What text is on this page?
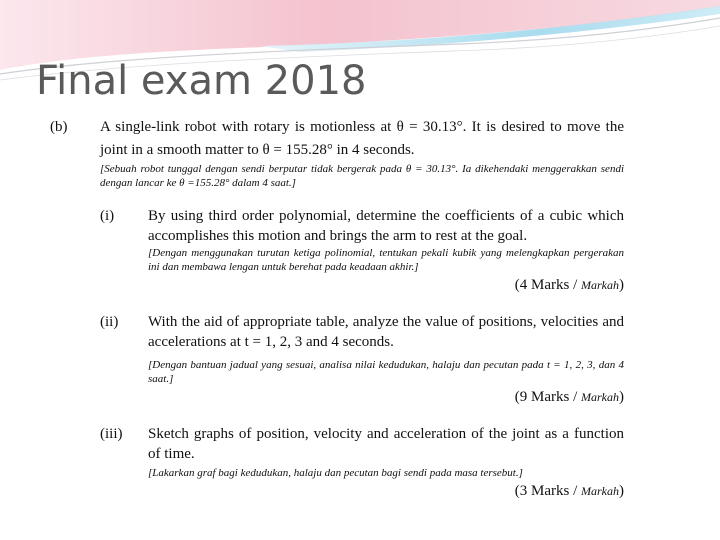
Final exam 2018
(b)	A single-link robot with rotary is motionless at θ = 30.13°. It is desired to move the joint in a smooth matter to θ = 155.28° in 4 seconds.
[Sebuah robot tunggal dengan sendi berputar tidak bergerak pada θ = 30.13°. Ia dikehendaki menggerakkan sendi dengan lancar ke θ =155.28° dalam 4 saat.]
(i)	By using third order polynomial, determine the coefficients of a cubic which accomplishes this motion and brings the arm to rest at the goal.
[Dengan menggunakan turutan ketiga polinomial, tentukan pekali kubik yang melengkapkan pergerakan ini dan membawa lengan untuk berehat pada keadaan akhir.]
(4 Marks / Markah)
(ii)	With the aid of appropriate table, analyze the value of positions, velocities and accelerations at t = 1, 2, 3 and 4 seconds.
[Dengan bantuan jadual yang sesuai, analisa nilai kedudukan, halaju dan pecutan pada t = 1, 2, 3, dan 4 saat.]
(9 Marks / Markah)
(iii)	Sketch graphs of position, velocity and acceleration of the joint as a function of time.
[Lakarkan graf bagi kedudukan, halaju dan pecutan bagi sendi pada masa tersebut.]
(3 Marks / Markah)
